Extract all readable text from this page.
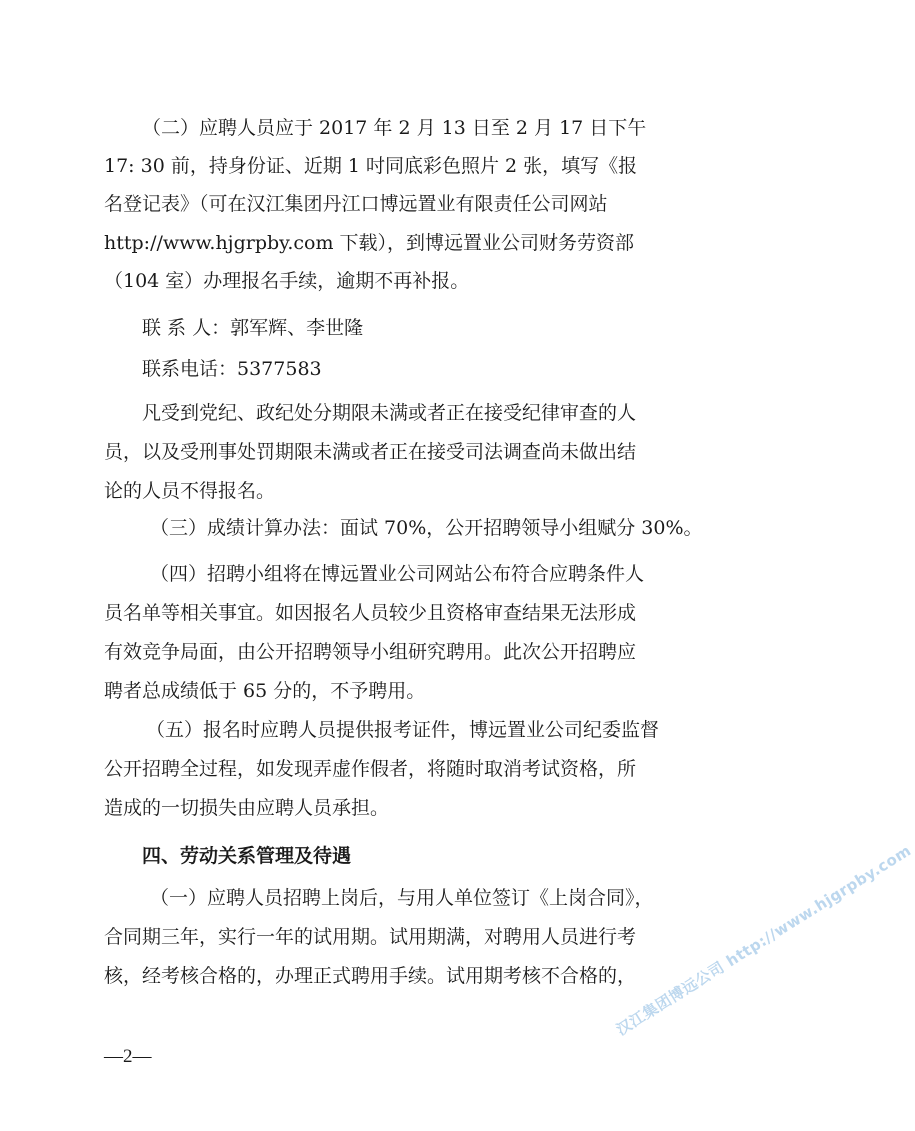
（二）应聘人员应于 2017 年 2 月 13 日至 2 月 17 日下午
17: 30 前，持身份证、近期 1 吋同底彩色照片 2 张，填写《报
名登记表》（可在汉江集团丹江口博远置业有限责任公司网站
http://www.hjgrpby.com 下载），到博远置业公司财务劳资部
（104 室）办理报名手续，逾期不再补报。
联 系 人：郭军辉、李世隆
联系电话：5377583
凡受到党纪、政纪处分期限未满或者正在接受纪律审查的人
员，以及受刑事处罚期限未满或者正在接受司法调查尚未做出结
论的人员不得报名。
（三）成绩计算办法：面试 70%，公开招聘领导小组赋分 30%。
（四）招聘小组将在博远置业公司网站公布符合应聘条件人
员名单等相关事宜。如因报名人员较少且资格审查结果无法形成
有效竞争局面，由公开招聘领导小组研究聘用。此次公开招聘应
聘者总成绩低于 65 分的，不予聘用。
（五）报名时应聘人员提供报考证件，博远置业公司纪委监督
公开招聘全过程，如发现弄虚作假者，将随时取消考试资格，所
造成的一切损失由应聘人员承担。
四、劳动关系管理及待遇
（一）应聘人员招聘上岗后，与用人单位签订《上岗合同》，
合同期三年，实行一年的试用期。试用期满，对聘用人员进行考
核，经考核合格的，办理正式聘用手续。试用期考核不合格的，
—2—
汉江集团博远公司 http://www.hjgrpby.com
